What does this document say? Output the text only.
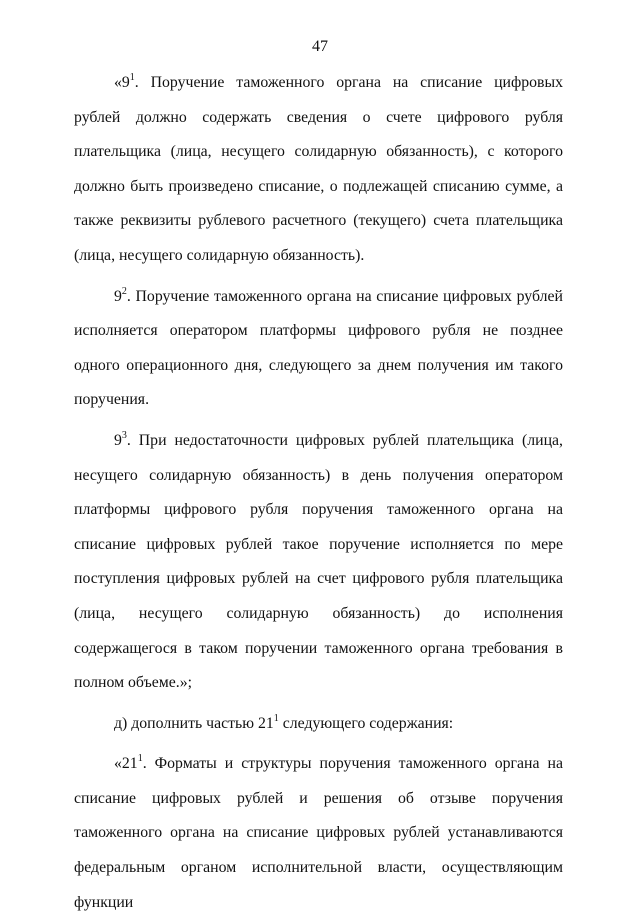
47

«$9^1$. Поручение таможенного органа на списание цифровых рублей должно содержать сведения о счете цифрового рубля плательщика (лица, несущего солидарную обязанность), с которого должно быть произведено списание, о подлежащей списанию сумме, а также реквизиты рублевого расчетного (текущего) счета плательщика (лица, несущего солидарную обязанность).

$9^2$. Поручение таможенного органа на списание цифровых рублей исполняется оператором платформы цифрового рубля не позднее одного операционного дня, следующего за днем получения им такого поручения.

$9^3$. При недостаточности цифровых рублей плательщика (лица, несущего солидарную обязанность) в день получения оператором платформы цифрового рубля поручения таможенного органа на списание цифровых рублей такое поручение исполняется по мере поступления цифровых рублей на счет цифрового рубля плательщика (лица, несущего солидарную обязанность) до исполнения содержащегося в таком поручении таможенного органа требования в полном объеме.»;

д) дополнить частью $21^1$ следующего содержания:

«$21^1$. Форматы и структуры поручения таможенного органа на списание цифровых рублей и решения об отзыве поручения таможенного органа на списание цифровых рублей устанавливаются федеральным органом исполнительной власти, осуществляющим функции
